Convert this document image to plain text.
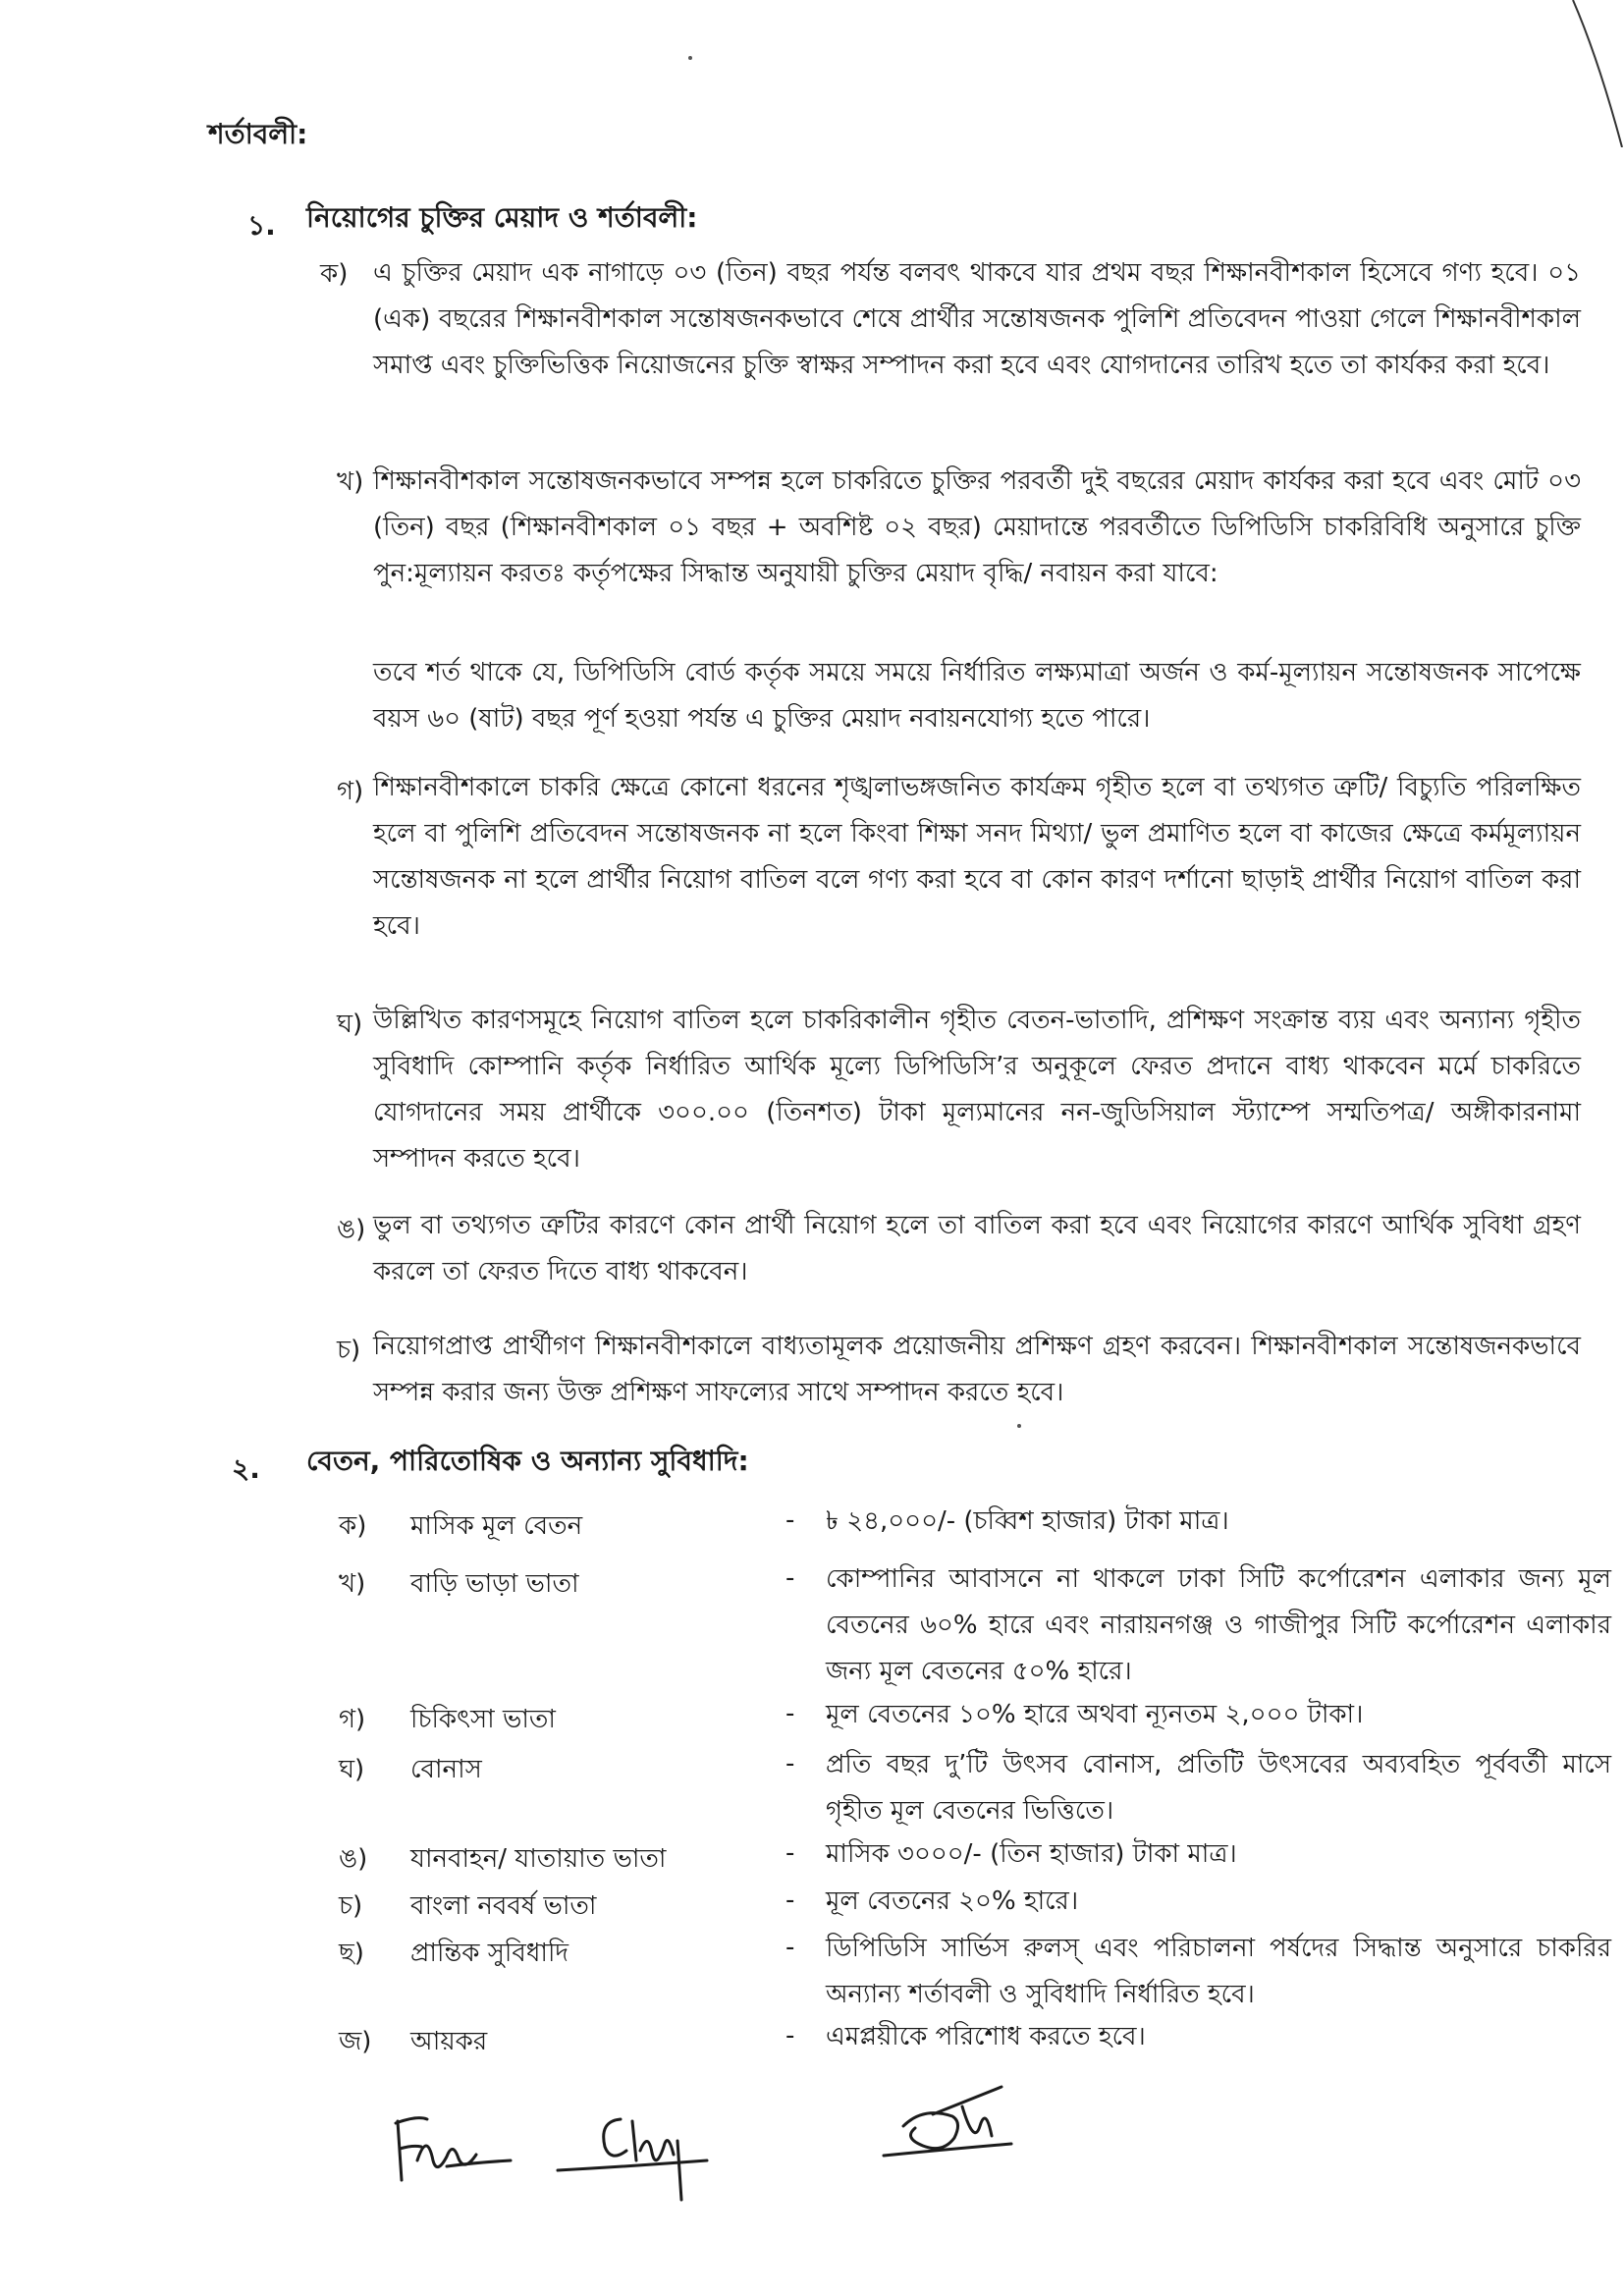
শর্তাবলী:
১. নিয়োগের চুক্তির মেয়াদ ও শর্তাবলী:
ক) এ চুক্তির মেয়াদ এক নাগাড়ে ০৩ (তিন) বছর পর্যন্ত বলবৎ থাকবে যার প্রথম বছর শিক্ষানবীশকাল হিসেবে গণ্য হবে। ০১ (এক) বছরের শিক্ষানবীশকাল সন্তোষজনকভাবে শেষে প্রার্থীর সন্তোষজনক পুলিশি প্রতিবেদন পাওয়া গেলে শিক্ষানবীশকাল সমাপ্ত এবং চুক্তিভিত্তিক নিয়োজনের চুক্তি স্বাক্ষর সম্পাদন করা হবে এবং যোগদানের তারিখ হতে তা কার্যকর করা হবে।
খ) শিক্ষানবীশকাল সন্তোষজনকভাবে সম্পন্ন হলে চাকরিতে চুক্তির পরবর্তী দুই বছরের মেয়াদ কার্যকর করা হবে এবং মোট ০৩ (তিন) বছর (শিক্ষানবীশকাল ০১ বছর + অবশিষ্ট ০২ বছর) মেয়াদান্তে পরবর্তীতে ডিপিডিসি চাকরিবিধি অনুসারে চুক্তি পুন:মূল্যায়ন করতঃ কর্তৃপক্ষের সিদ্ধান্ত অনুযায়ী চুক্তির মেয়াদ বৃদ্ধি/ নবায়ন করা যাবে:
তবে শর্ত থাকে যে, ডিপিডিসি বোর্ড কর্তৃক সময়ে সময়ে নির্ধারিত লক্ষ্যমাত্রা অর্জন ও কর্ম-মূল্যায়ন সন্তোষজনক সাপেক্ষে বয়স ৬০ (ষাট) বছর পূর্ণ হওয়া পর্যন্ত এ চুক্তির মেয়াদ নবায়নযোগ্য হতে পারে।
গ) শিক্ষানবীশকালে চাকরি ক্ষেত্রে কোনো ধরনের শৃঙ্খলাভঙ্গজনিত কার্যক্রম গৃহীত হলে বা তথ্যগত ত্রুটি/ বিচ্যুতি পরিলক্ষিত হলে বা পুলিশি প্রতিবেদন সন্তোষজনক না হলে কিংবা শিক্ষা সনদ মিথ্যা/ ভুল প্রমাণিত হলে বা কাজের ক্ষেত্রে কর্মমূল্যায়ন সন্তোষজনক না হলে প্রার্থীর নিয়োগ বাতিল বলে গণ্য করা হবে বা কোন কারণ দর্শানো ছাড়াই প্রার্থীর নিয়োগ বাতিল করা হবে।
ঘ) উল্লিখিত কারণসমূহে নিয়োগ বাতিল হলে চাকরিকালীন গৃহীত বেতন-ভাতাদি, প্রশিক্ষণ সংক্রান্ত ব্যয় এবং অন্যান্য গৃহীত সুবিধাদি কোম্পানি কর্তৃক নির্ধারিত আর্থিক মূল্যে ডিপিডিসি’র অনুকূলে ফেরত প্রদানে বাধ্য থাকবেন মর্মে চাকরিতে যোগদানের সময় প্রার্থীকে ৩০০.০০ (তিনশত) টাকা মূল্যমানের নন-জুডিসিয়াল স্ট্যাম্পে সম্মতিপত্র/ অঙ্গীকারনামা সম্পাদন করতে হবে।
ঙ) ভুল বা তথ্যগত ত্রুটির কারণে কোন প্রার্থী নিয়োগ হলে তা বাতিল করা হবে এবং নিয়োগের কারণে আর্থিক সুবিধা গ্রহণ করলে তা ফেরত দিতে বাধ্য থাকবেন।
চ) নিয়োগপ্রাপ্ত প্রার্থীগণ শিক্ষানবীশকালে বাধ্যতামূলক প্রয়োজনীয় প্রশিক্ষণ গ্রহণ করবেন। শিক্ষানবীশকাল সন্তোষজনকভাবে সম্পন্ন করার জন্য উক্ত প্রশিক্ষণ সাফল্যের সাথে সম্পাদন করতে হবে।
২. বেতন, পারিতোষিক ও অন্যান্য সুবিধাদি:
ক) মাসিক মূল বেতন	- ৳ ২৪,০০০/- (চব্বিশ হাজার) টাকা মাত্র।
খ) বাড়ি ভাড়া ভাতা	- কোম্পানির আবাসনে না থাকলে ঢাকা সিটি কর্পোরেশন এলাকার জন্য মূল বেতনের ৬০% হারে এবং নারায়নগঞ্জ ও গাজীপুর সিটি কর্পোরেশন এলাকার জন্য মূল বেতনের ৫০% হারে।
গ) চিকিৎসা ভাতা	- মূল বেতনের ১০% হারে অথবা ন্যূনতম ২,০০০ টাকা।
ঘ) বোনাস	- প্রতি বছর দু’টি উৎসব বোনাস, প্রতিটি উৎসবের অব্যবহিত পূর্ববর্তী মাসে গৃহীত মূল বেতনের ভিত্তিতে।
ঙ) যানবাহন/ যাতায়াত ভাতা	- মাসিক ৩০০০/- (তিন হাজার) টাকা মাত্র।
চ) বাংলা নববর্ষ ভাতা	- মূল বেতনের ২০% হারে।
ছ) প্রান্তিক সুবিধাদি	- ডিপিডিসি সার্ভিস রুলস্ এবং পরিচালনা পর্ষদের সিদ্ধান্ত অনুসারে চাকরির অন্যান্য শর্তাবলী ও সুবিধাদি নির্ধারিত হবে।
জ) আয়কর	- এমপ্লয়ীকে পরিশোধ করতে হবে।
